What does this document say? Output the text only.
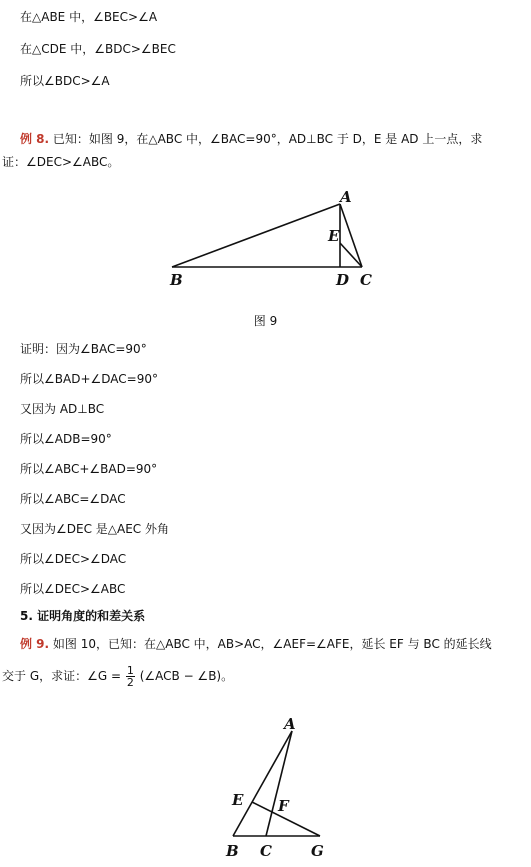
在△ABE 中，∠BEC>∠A
在△CDE 中，∠BDC>∠BEC
所以∠BDC>∠A
例 8. 已知：如图 9，在△ABC 中，∠BAC=90°，AD⊥BC 于 D，E 是 AD 上一点，求
证：∠DEC>∠ABC。
A
E
B	D C
图 9
证明：因为∠BAC=90°
所以∠BAD+∠DAC=90°
又因为 AD⊥BC
所以∠ADB=90°
所以∠ABC+∠BAD=90°
所以∠ABC=∠DAC
又因为∠DEC 是△AEC 外角
所以∠DEC>∠DAC
所以∠DEC>∠ABC
5. 证明角度的和差关系
例 9. 如图 10，已知：在△ABC 中，AB>AC，∠AEF=∠AFE，延长 EF 与 BC 的延长线
交于 G，求证：∠G = $\frac{1}{2}$ (∠ACB − ∠B)。
A
E F
B C	G
